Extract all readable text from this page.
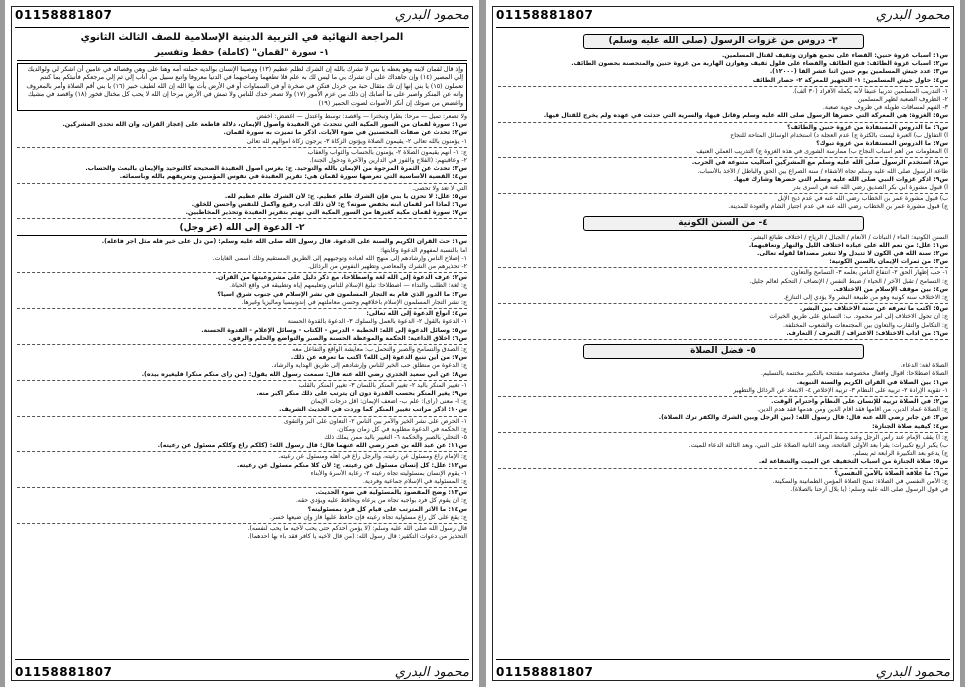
محمود البدري
01158881807
المراجعة النهائية في التربية الدينية الإسلامية للصف الثالث الثانوي
١- سورة "لقمان" (كاملة) حفظ وتفسير
وإذ قال لقمان لابنه وهو يعظه يا بني لا تشرك بالله إن الشرك لظلم عظيم (١٣) ووصينا الإنسان بوالديه حملته أمه وهنا على وهن وفصاله في عامين أن اشكر لي ولوالديك إلي المصير (١٤) وإن جاهداك على أن تشرك بي ما ليس لك به علم فلا تطعهما وصاحبهما في الدنيا معروفا واتبع سبيل من أناب إلي ثم إلي مرجعكم فأنبئكم بما كنتم تعملون (١٥) يا بني إنها إن تك مثقال حبة من خردل فتكن في صخرة أو في السماوات أو في الأرض يأت بها الله إن الله لطيف خبير (١٦) يا بني أقم الصلاة وأمر بالمعروف وانه عن المنكر واصبر على ما أصابك إن ذلك من عزم الأمور (١٧) ولا تصعر خدك للناس ولا تمش في الأرض مرحا إن الله لا يحب كل مختال فخور (١٨) واقصد في مشيك واغضض من صوتك إن أنكر الأصوات لصوت الحمير (١٩)

ولا تصعر: تميل — مرحا: بطرا وتبخترا — واقصد: توسط واعتدل — اغضض: اخفض

س١: سورة لقمان من السور المكية التي تتحدث عن العقيدة وأصول الإيمان، دلالة قاطعة على إعجاز القرآن، وأن الله تحدى المشركين.

س٢: تحدث عن صفات المحسنين في ضوء الآيات. اذكر ما تميزت به سورة لقمان.

١- يؤمنون بالله تعالى ٢- يقيمون الصلاة ويؤتون الزكاة ٣- يرجون زكاة أموالهم لله تعالى

ج: ١- أنهم يقيمون الصلاة ٢- يؤمنون بالحساب والثواب والعقاب

٢- وعاقبتهم: (الفلاح والفوز في الدارين والآخرة ودخول الجنة).

س٣: تحدث عن الثمرة المرجوة من الإيمان بالله والتوحيد. ج: يغرس أصول العقيدة الصحيحة كالتوحيد والإيمان بالبعث والحساب.

س٤: القضية الأساسية التي تعرضها سورة لقمان هي: تقرير العقيدة في نفوس المؤمنين وتعريفهم بالله وبأسمائه.

التي لا تعد ولا تحصى.

س٥: علل: لا تحزن يا بني فإن الشرك ظلم عظيم. ج: لأن الشرك ظلم عظيم لله.

س٦: لماذا أمر لقمان ابنه بخفض صوته؟ ج: لأن ذلك أدب رفيع وأكمل للنفس وأحسن للخلق.

س٧: سورة لقمان مكية كغيرها من السور المكية التي تهتم بتقرير العقيدة وتحذير المخاطبين.

٢- الدعوة إلى الله (عز وجل)

س١: حث القرآن الكريم والسنة على الدعوة. قال رسول الله صلى الله عليه وسلم: (من دل على خير فله مثل أجر فاعله).

أما بالنسبة لمفهوم الدعوة وغايتها:

١- إصلاح الناس وإرشادهم إلى منهج الله لعباده وتوجيههم إلى الطريق المستقيم وتلك أسمى الغايات.

٢- تحذيرهم من الشرك والمعاصي وتطهير النفوس من الرذائل.

س٢: عرف الدعوة إلى الله لغة واصطلاحا، مع ذكر دليل على مشروعيتها من القرآن.

ج: لغة: الطلب والنداء — اصطلاحا: تبليغ الإسلام للناس وتعليمهم إياه وتطبيقه في واقع الحياة.

س٣: ما الدور الذي قام به التجار المسلمون في نشر الإسلام في جنوب شرق آسيا؟

ج: نشر التجار المسلمون الإسلام بأخلاقهم وحسن معاملتهم في إندونيسيا وماليزيا وغيرها.

س٤: أنواع الدعوة إلى الله تعالى:

١- الدعوة بالقول ٢- الدعوة بالعمل والسلوك ٣- الدعوة بالقدوة الحسنة

س٥: وسائل الدعوة إلى الله: الخطبة - الدرس - الكتاب - وسائل الإعلام - القدوة الحسنة.

س٦: أخلاق الداعية: الحكمة والموعظة الحسنة والصبر والتواضع والحلم والرفق.

ج: الصدق والتسامح والصبر والتحمل ب: معايشة الواقع والتفاعل معه

س٧: من أين تنبع الدعوة إلى الله؟ اكتب ما تعرفه عن ذلك.

ج: الدعوة من منطلق حب الخير للناس وإرشادهم إلى طريق الهداية والرشاد.

س٨: عن أبي سعيد الخدري رضي الله عنه قال: سمعت رسول الله يقول: (من رأى منكم منكرا فليغيره بيده).

١- تغيير المنكر باليد ٢- تغيير المنكر باللسان ٣- تغيير المنكر بالقلب

س٩: يغير المنكر بحسب القدرة دون أن يترتب على ذلك منكر أكبر منه.

ج: أ- معنى (رأى): علم ب- أضعف الإيمان: أقل درجات الإيمان

س١٠: اذكر مراتب تغيير المنكر كما وردت في الحديث الشريف.

١- الحرص على نشر الخير والأمر بين الناس ٢- التعاون على البر والتقوى

ج: الحكمة في الدعوة مطلوبة في كل زمان ومكان.

٥- التحلي بالصبر والحكمة ٦- التغيير باليد ممن يملك ذلك

س١١: عن عبد الله بن عمر رضي الله عنهما قال: قال رسول الله: (كلكم راع وكلكم مسئول عن رعيته).

ج: الإمام راع ومسئول عن رعيته، والرجل راع في أهله ومسئول عن رعيته.

س١٢: علل: كل إنسان مسئول عن رعيته. ج: لأن كلا منكم مسئول عن رعيته.

١- يقوم الإنسان بمسئوليته تجاه رعيته ٢- رعاية الأسرة والأبناء

ج: المسئولية في الإسلام جماعية وفردية.

س١٣: وضح المقصود بالمسئولية في ضوء الحديث.

ج: أن يقوم كل فرد بواجبه تجاه من يرعاه ويحافظ عليه ويؤدي حقه.

س١٤: ما الأثر المترتب على قيام كل فرد بمسئوليته؟

ج: يقع على كل راع مسئولية تجاه رعيته فإن حافظ عليها فاز وإن ضيعها خسر.

قال رسول الله صلى الله عليه وسلم: (لا يؤمن أحدكم حتى يحب لأخيه ما يحب لنفسه).

التحذير من دعوات التكفير: قال رسول الله: (من قال لأخيه يا كافر فقد باء بها أحدهما).

محمود البدري
01158881807
محمود البدري
01158881807
٣- دروس من غزوات الرسول (صلى الله عليه وسلم)

س١: أسباب غزوة حنين: القضاء على تجمع هوازن وثقيف لقتال المسلمين.

س٢: أسباب غزوة الطائف: فتح الطائف والقضاء على فلول ثقيف وهوازن الهاربة من غزوة حنين والمتحصنة بحصون الطائف.

س٣: عدد جيش المسلمين يوم حنين اثنا عشر ألفا (١٢٠٠٠).

س٤: حاول جيش المسلمين: ١- التجهيز للمعركة ٢- حصار الطائف

١- التدريب المسلمين تدريبا عنيفا لأنه يكمله الأفراد (٣٠ ألف).

٢- الظروف الصعبة لظهر المسلمين

٣- الفهم لمسافات طويلة في ظروف جوية صعبة.

س٥: الغزوة: هي المعركة التي حضرها الرسول صلى الله عليه وسلم وقاتل فيها، والسرية التي حدثت في عهده ولم يخرج للقتال فيها.

س٦: ما الدروس المستفادة من غزوة حنين والطائف؟

أ) التفاؤل ب) العبرة ليست بالكثرة ج) عدم العجلة د) استخدام الوسائل المتاحة للنجاح

س٧: ما الدروس المستفادة من غزوة تبوك؟

أ) المعلومات من أهم أسباب النجاح ب) ممارسة الشورى في هذه الغزوة ج) التدريب العملي العنيف

س٨: استخدم الرسول صلى الله عليه وسلم مع المشركين أساليب متنوعة في الحرب.

طاعة الرسول صلى الله عليه وسلم تجاه الأشقاء / سنة الصراع بين الحق والباطل / الأخذ بالأسباب.

س٩: اذكر غزوات النبي صلى الله عليه وسلم التي حضرها وشارك فيها.

أ) قبول مشورة أبي بكر الصديق رضي الله عنه في أسرى بدر

ب) قبول مشورة عمر بن الخطاب رضي الله عنه في عدم ذبح الإبل

ج) قبول مشورة عمر بن الخطاب رضي الله عنه في عدم اجتياز الشام والعودة للمدينة.

٤- من السنن الكونية

السنن الكونية: الماء / النباتات / الأنعام / الجبال / الرياح / اختلاف طبائع البشر.

س١: علل: من نعم الله على عباده اختلاف الليل والنهار وتعاقبهما.

س٢: سنة الله في الكون لا تتبدل ولا تتغير مصداقا لقوله تعالى.

س٣: من ثمرات الإيمان بالسنن الكونية:

١- حب إظهار الحق ٢- انتفاع الناس بعلمه ٣- التسامح والتعاون

ج: التسامح / تقبل الآخر / الحياء / ضبط النفس / الإنصاف / التحكم لعالم جليل.

س٤: بين موقف الإسلام من الاختلاف.

ج: الاختلاف سنة كونية وهو من طبيعة البشر ولا يؤدي إلى التنازع.

س٥: اكتب ما تعرفه عن سنة الاختلاف بين البشر.

ج: أن تحول الاختلاف إلى أمر محمود. ب: التسابق على طريق الخيرات

ج: التكامل والتقارب والتعاون بين المجتمعات والشعوب المختلفة.

س٦: من آداب الاختلاف: الاعتراف / التعرف / التعارف.

٥- فضل الصلاة

الصلاة لغة: الدعاء.

الصلاة اصطلاحا: أقوال وأفعال مخصوصة مفتتحة بالتكبير مختتمة بالتسليم.

س١: بين الصلاة في القرآن الكريم والسنة النبوية.

١- تقوية الإرادة ٢- تربية على النظام ٣- تربية الإخلاص ٤- الابتعاد عن الرذائل والتطهير

س٢: في الصلاة تربية للإنسان على النظام واحترام الوقت.

ج: الصلاة عماد الدين، من أقامها فقد أقام الدين ومن هدمها فقد هدم الدين.

س٣: عن جابر رضي الله عنه قال: قال رسول الله: (بين الرجل وبين الشرك والكفر ترك الصلاة).

س٤: كيفية صلاة الجنازة:

ج: أ) يقف الإمام عند رأس الرجل وعند وسط المرأة.

ب) يكبر أربع تكبيرات: يقرأ بعد الأولى الفاتحة، وبعد الثانية الصلاة على النبي، وبعد الثالثة الدعاء للميت.

ج) يدعو بعد التكبيرة الرابعة ثم يسلم.

س٥: صلاة الجنازة من أسباب التخفيف عن الميت والشفاعة له.

س٦: ما علاقة الصلاة بالأمن النفسي؟

ج: الأمن النفسي في الصلاة: تمنح الصلاة المؤمن الطمأنينة والسكينة.

في قول الرسول صلى الله عليه وسلم: (يا بلال أرحنا بالصلاة).

محمود البدري
01158881807
